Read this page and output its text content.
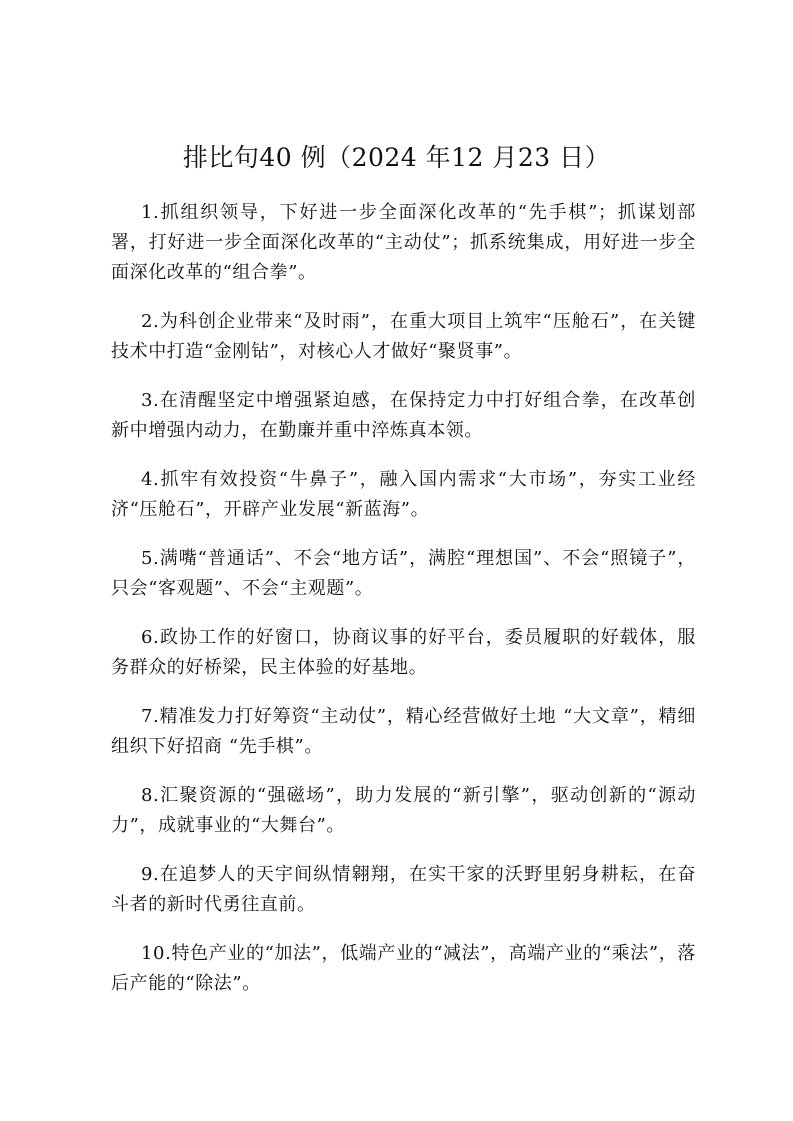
排比句40 例（2024 年12 月23 日）

1.抓组织领导，下好进一步全面深化改革的“先手棋”；抓谋划部署，打好进一步全面深化改革的“主动仗”；抓系统集成，用好进一步全面深化改革的“组合拳”。

2.为科创企业带来“及时雨”，在重大项目上筑牢“压舱石”，在关键技术中打造“金刚钻”，对核心人才做好“聚贤事”。

3.在清醒坚定中增强紧迫感，在保持定力中打好组合拳，在改革创新中增强内动力，在勤廉并重中淬炼真本领。

4.抓牢有效投资“牛鼻子”，融入国内需求“大市场”，夯实工业经济“压舱石”，开辟产业发展“新蓝海”。

5.满嘴“普通话”、不会“地方话”，满腔“理想国”、不会“照镜子”，只会“客观题”、不会“主观题”。

6.政协工作的好窗口，协商议事的好平台，委员履职的好载体，服务群众的好桥梁，民主体验的好基地。

7.精准发力打好筹资“主动仗”，精心经营做好土地 “大文章”，精细组织下好招商 “先手棋”。

8.汇聚资源的“强磁场”，助力发展的“新引擎”，驱动创新的“源动力”，成就事业的“大舞台”。

9.在追梦人的天宇间纵情翱翔，在实干家的沃野里躬身耕耘，在奋斗者的新时代勇往直前。

10.特色产业的“加法”，低端产业的“减法”，高端产业的“乘法”，落后产能的“除法”。
